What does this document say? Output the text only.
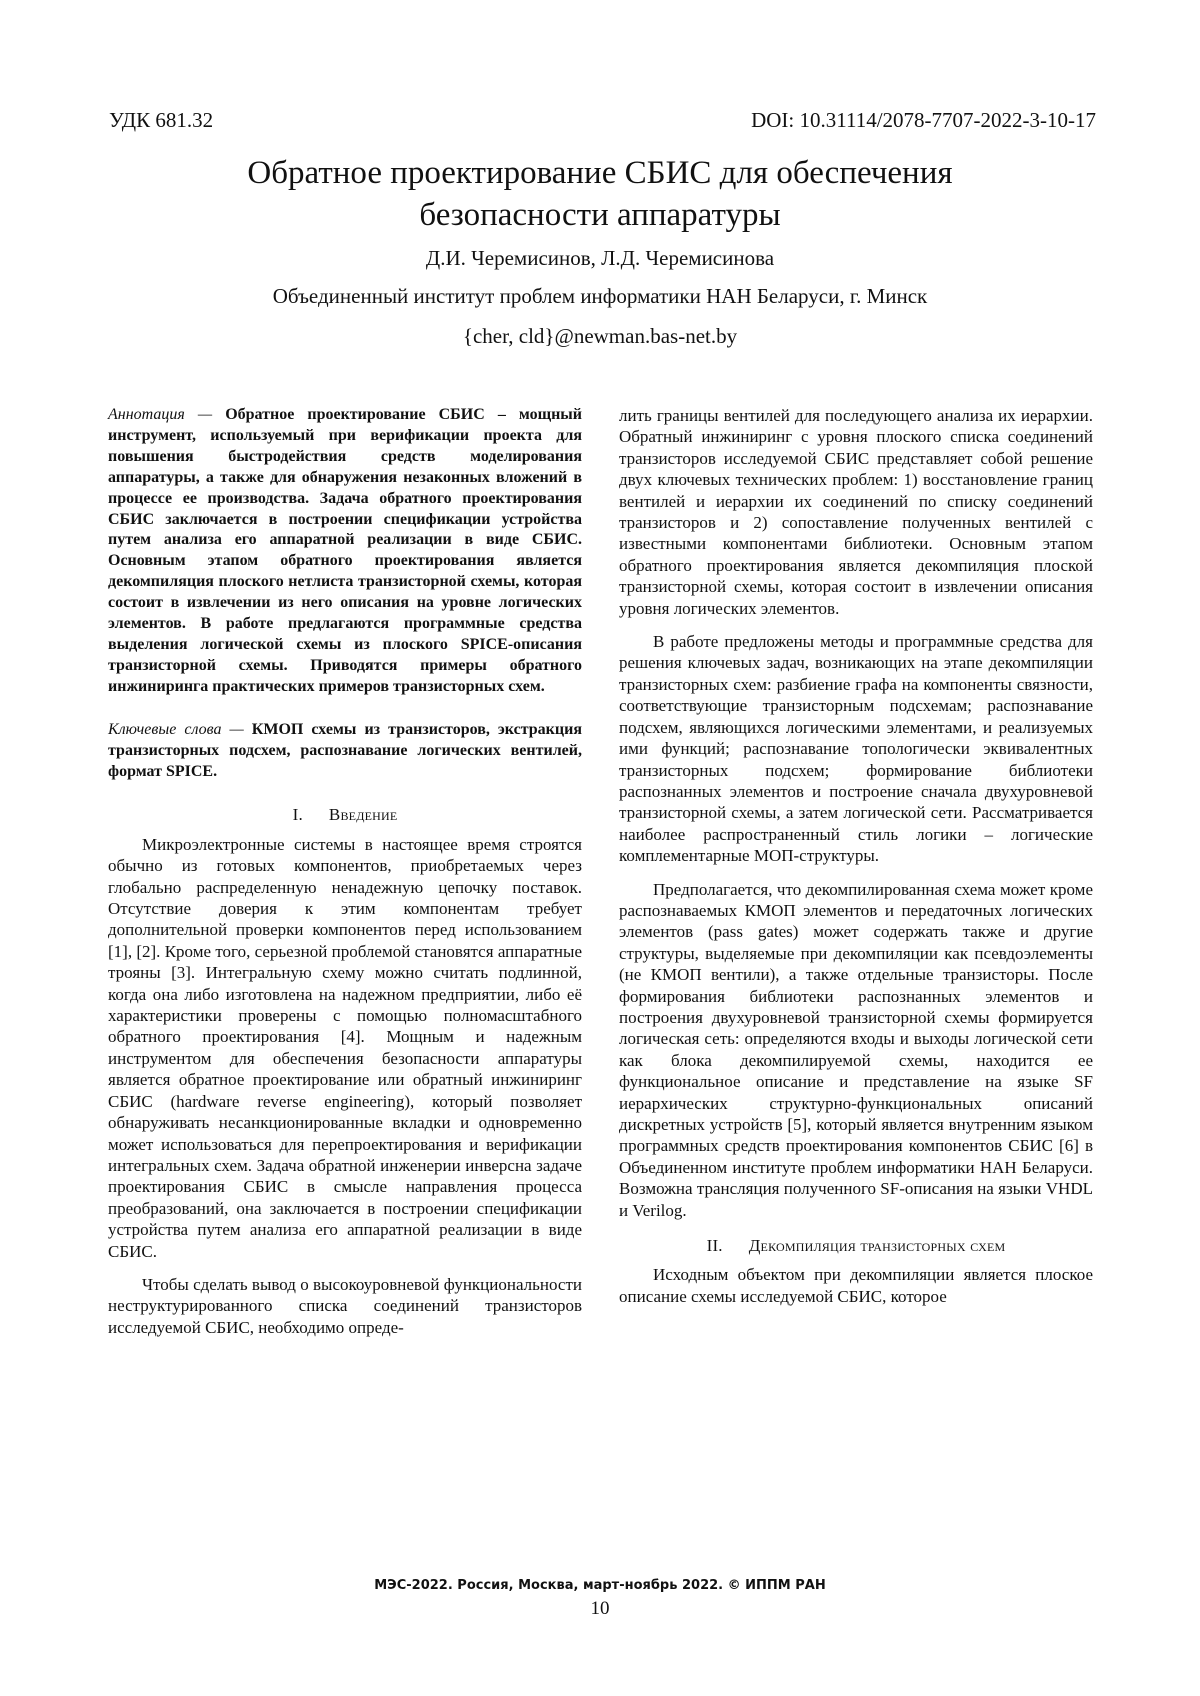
УДК 681.32	DOI: 10.31114/2078-7707-2022-3-10-17
Обратное проектирование СБИС для обеспечения
безопасности аппаратуры
Д.И. Черемисинов, Л.Д. Черемисинова
Объединенный институт проблем информатики НАН Беларуси, г. Минск
{cher, cld}@newman.bas-net.by

Аннотация — Обратное проектирование СБИС – мощный инструмент, используемый при верификации проекта для повышения быстродействия средств моделирования аппаратуры, а также для обнаружения незаконных вложений в процессе ее производства. Задача обратного проектирования СБИС заключается в построении спецификации устройства путем анализа его аппаратной реализации в виде СБИС. Основным этапом обратного проектирования является декомпиляция плоского нетлиста транзисторной схемы, которая состоит в извлечении из него описания на уровне логических элементов. В работе предлагаются программные средства выделения логической схемы из плоского SPICE-описания транзисторной схемы. Приводятся примеры обратного инжиниринга практических примеров транзисторных схем.

Ключевые слова — КМОП схемы из транзисторов, экстракция транзисторных подсхем, распознавание логических вентилей, формат SPICE.

I. Введение

Микроэлектронные системы в настоящее время строятся обычно из готовых компонентов, приобретаемых через глобально распределенную ненадежную цепочку поставок. Отсутствие доверия к этим компонентам требует дополнительной проверки компонентов перед использованием [1], [2]. Кроме того, серьезной проблемой становятся аппаратные трояны [3]. Интегральную схему можно считать подлинной, когда она либо изготовлена на надежном предприятии, либо её характеристики проверены с помощью полномасштабного обратного проектирования [4]. Мощным и надежным инструментом для обеспечения безопасности аппаратуры является обратное проектирование или обратный инжиниринг СБИС (hardware reverse engineering), который позволяет обнаруживать несанкционированные вкладки и одновременно может использоваться для перепроектирования и верификации интегральных схем. Задача обратной инженерии инверсна задаче проектирования СБИС в смысле направления процесса преобразований, она заключается в построении спецификации устройства путем анализа его аппаратной реализации в виде СБИС.

Чтобы сделать вывод о высокоуровневой функциональности неструктурированного списка соединений транзисторов исследуемой СБИС, необходимо опреде-

лить границы вентилей для последующего анализа их иерархии. Обратный инжиниринг с уровня плоского списка соединений транзисторов исследуемой СБИС представляет собой решение двух ключевых технических проблем: 1) восстановление границ вентилей и иерархии их соединений по списку соединений транзисторов и 2) сопоставление полученных вентилей с известными компонентами библиотеки. Основным этапом обратного проектирования является декомпиляция плоской транзисторной схемы, которая состоит в извлечении описания уровня логических элементов.

В работе предложены методы и программные средства для решения ключевых задач, возникающих на этапе декомпиляции транзисторных схем: разбиение графа на компоненты связности, соответствующие транзисторным подсхемам; распознавание подсхем, являющихся логическими элементами, и реализуемых ими функций; распознавание топологически эквивалентных транзисторных подсхем; формирование библиотеки распознанных элементов и построение сначала двухуровневой транзисторной схемы, а затем логической сети. Рассматривается наиболее распространенный стиль логики – логические комплементарные МОП-структуры.

Предполагается, что декомпилированная схема может кроме распознаваемых КМОП элементов и передаточных логических элементов (pass gates) может содержать также и другие структуры, выделяемые при декомпиляции как псевдоэлементы (не КМОП вентили), а также отдельные транзисторы. После формирования библиотеки распознанных элементов и построения двухуровневой транзисторной схемы формируется логическая сеть: определяются входы и выходы логической сети как блока декомпилируемой схемы, находится ее функциональное описание и представление на языке SF иерархических структурно-функциональных описаний дискретных устройств [5], который является внутренним языком программных средств проектирования компонентов СБИС [6] в Объединенном институте проблем информатики НАН Беларуси. Возможна трансляция полученного SF-описания на языки VHDL и Verilog.

II. Декомпиляция транзисторных схем

Исходным объектом при декомпиляции является плоское описание схемы исследуемой СБИС, которое

МЭС-2022. Россия, Москва, март-ноябрь 2022. © ИППМ РАН
10
